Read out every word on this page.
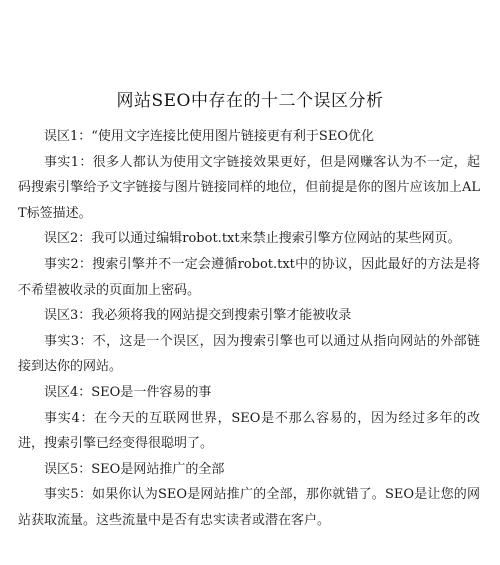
网站SEO中存在的十二个误区分析

误区1：“使用文字连接比使用图片链接更有利于SEO优化

事实1：很多人都认为使用文字链接效果更好，但是网赚客认为不一定，起码搜索引擎给予文字链接与图片链接同样的地位，但前提是你的图片应该加上ALT标签描述。

误区2：我可以通过编辑robot.txt来禁止搜索引擎方位网站的某些网页。

事实2：搜索引擎并不一定会遵循robot.txt中的协议，因此最好的方法是将不希望被收录的页面加上密码。

误区3：我必须将我的网站提交到搜索引擎才能被收录

事实3：不，这是一个误区，因为搜索引擎也可以通过从指向网站的外部链接到达你的网站。

误区4：SEO是一件容易的事

事实4：在今天的互联网世界，SEO是不那么容易的，因为经过多年的改进，搜索引擎已经变得很聪明了。

误区5：SEO是网站推广的全部

事实5：如果你认为SEO是网站推广的全部，那你就错了。SEO是让您的网站获取流量。这些流量中是否有忠实读者或潜在客户。
